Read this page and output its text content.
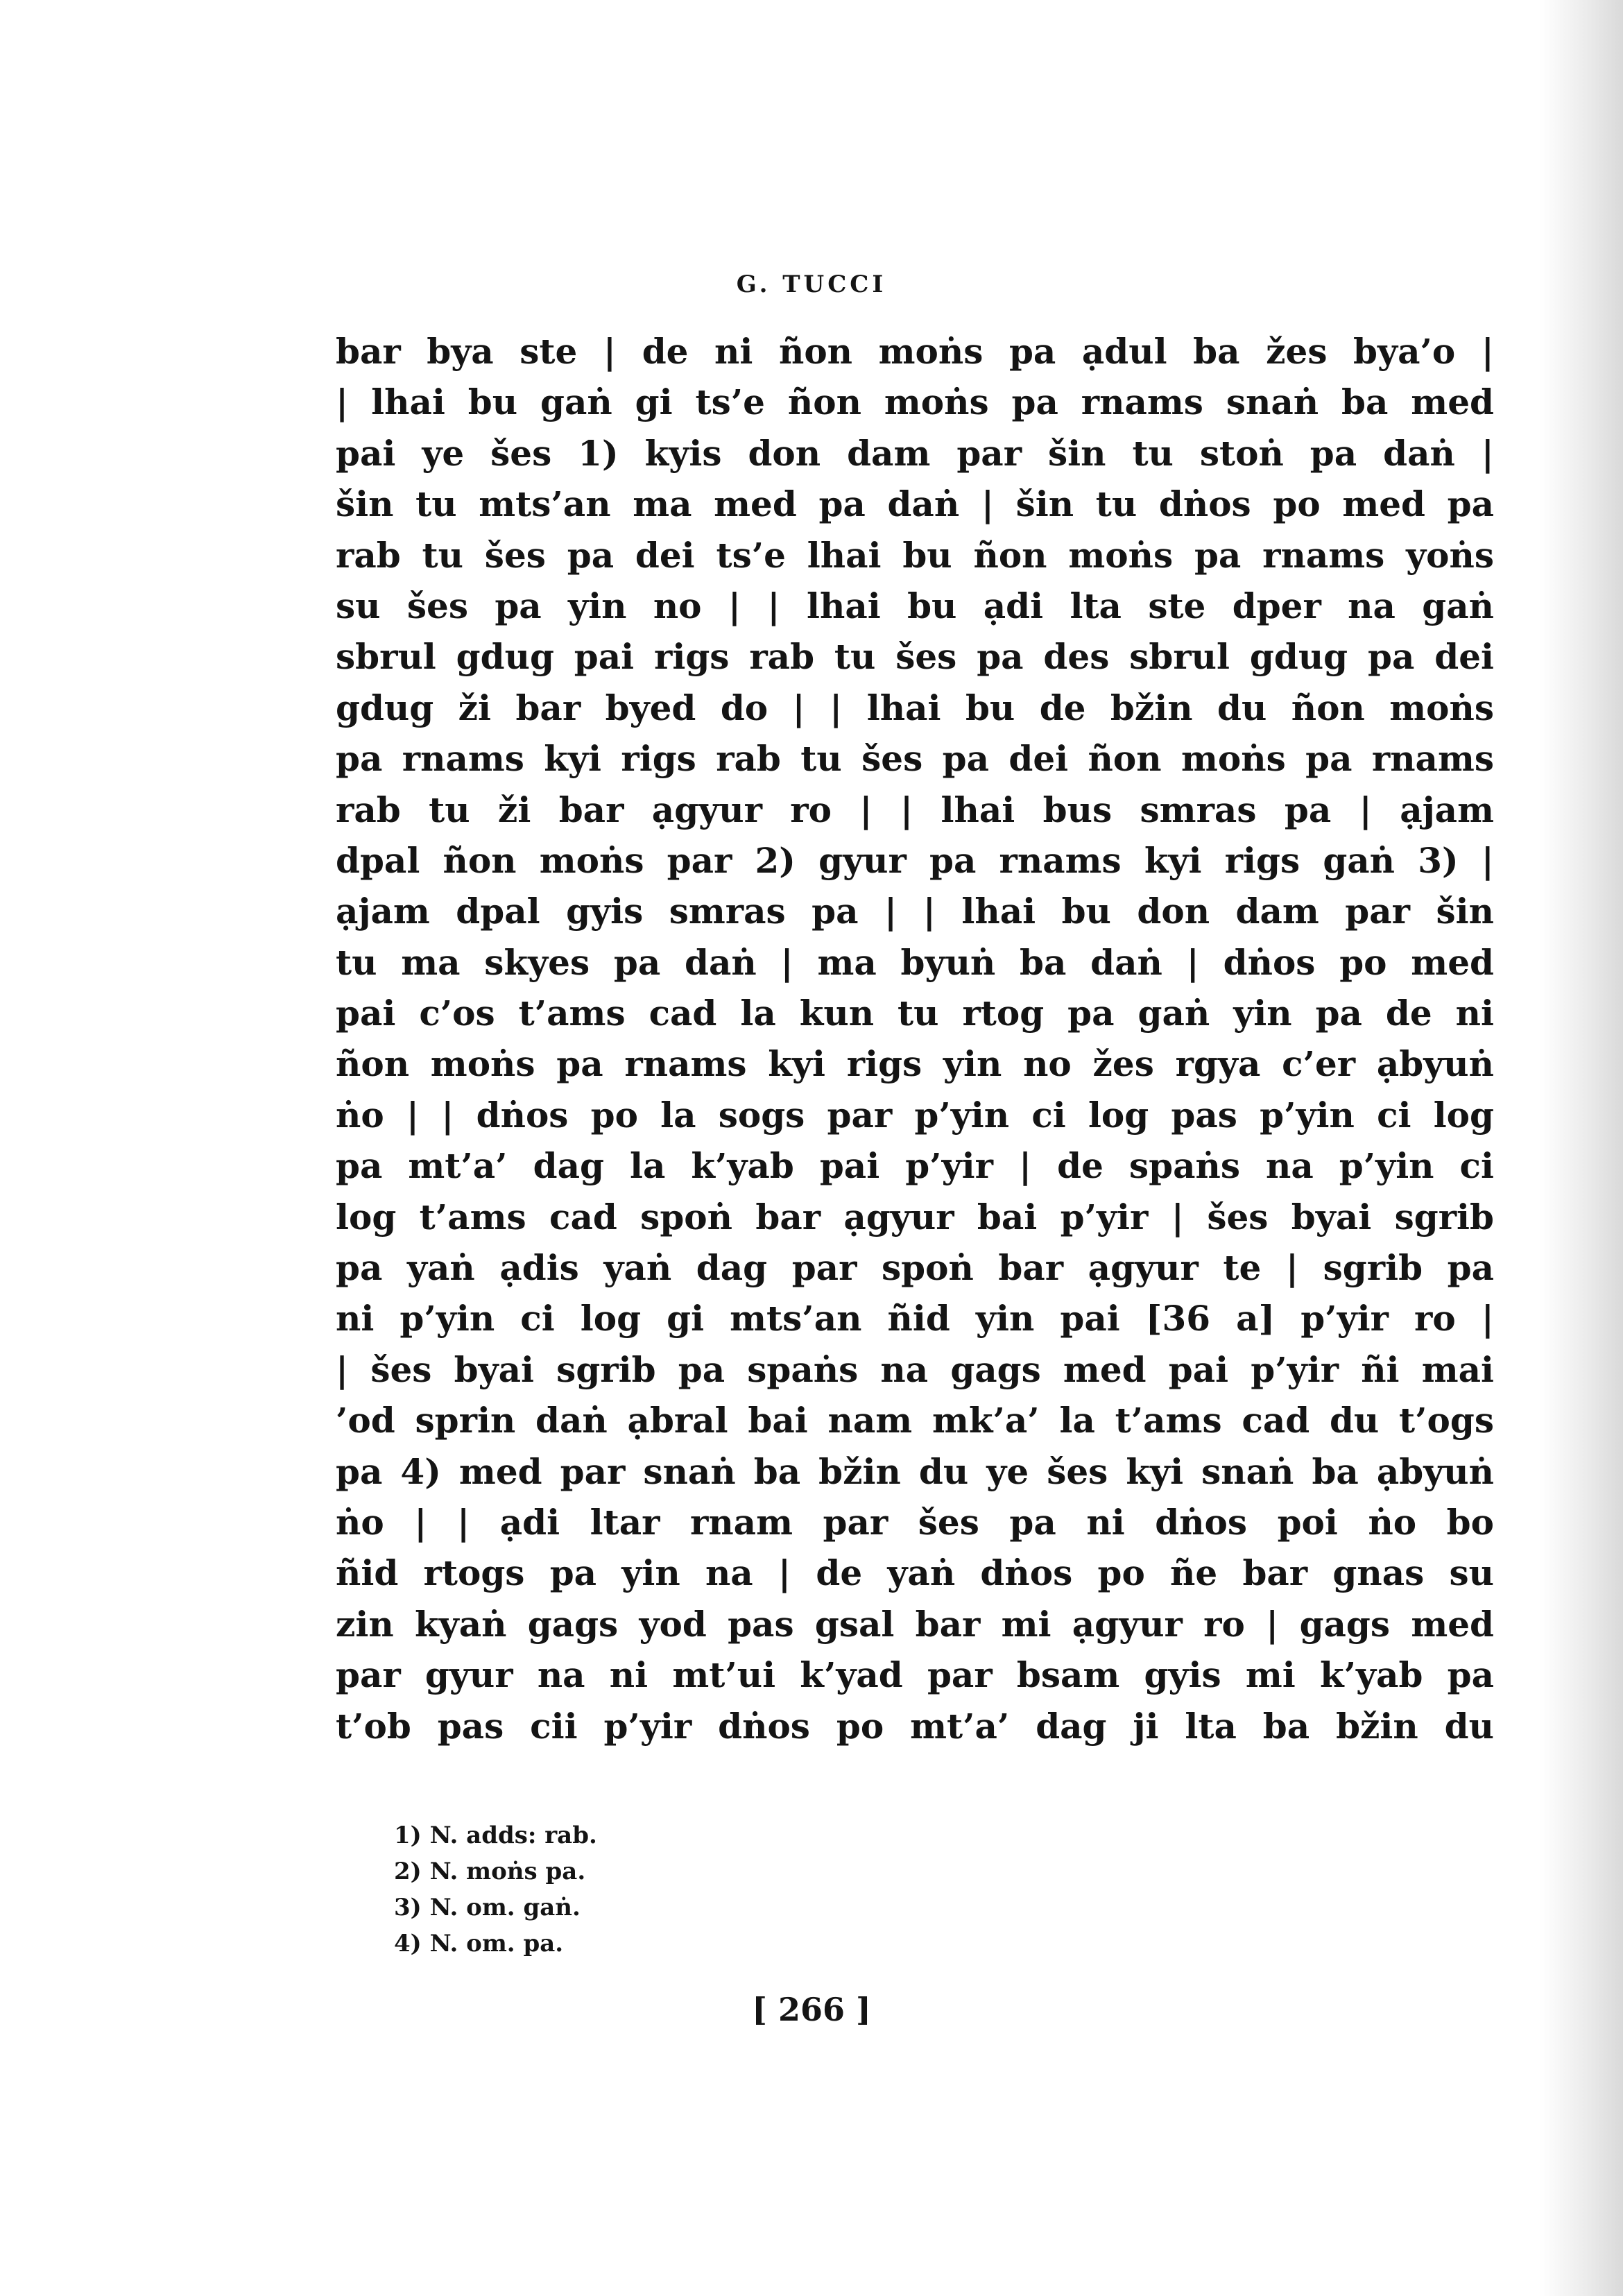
G. TUCCI
bar bya ste | de ni ñon moṅs pa ạdul ba žes bya’o |
| lhai bu gaṅ gi ts’e ñon moṅs pa rnams snaṅ ba med
pai ye šes 1) kyis don dam par šin tu stoṅ pa daṅ |
šin tu mts’an ma med pa daṅ | šin tu dṅos po med pa
rab tu šes pa dei ts’e lhai bu ñon moṅs pa rnams yoṅs
su šes pa yin no | | lhai bu ạdi lta ste dper na gaṅ
sbrul gdug pai rigs rab tu šes pa des sbrul gdug pa dei
gdug ži bar byed do | | lhai bu de bžin du ñon moṅs
pa rnams kyi rigs rab tu šes pa dei ñon moṅs pa rnams
rab tu ži bar ạgyur ro | | lhai bus smras pa | ạjam
dpal ñon moṅs par 2) gyur pa rnams kyi rigs gaṅ 3) |
ạjam dpal gyis smras pa | | lhai bu don dam par šin
tu ma skyes pa daṅ | ma byuṅ ba daṅ | dṅos po med
pai c’os t’ams cad la kun tu rtog pa gaṅ yin pa de ni
ñon moṅs pa rnams kyi rigs yin no žes rgya c’er ạbyuṅ
ṅo | | dṅos po la sogs par p’yin ci log pas p’yin ci log
pa mt’a’ dag la k’yab pai p’yir | de spaṅs na p’yin ci
log t’ams cad spoṅ bar ạgyur bai p’yir | šes byai sgrib
pa yaṅ ạdis yaṅ dag par spoṅ bar ạgyur te | sgrib pa
ni p’yin ci log gi mts’an ñid yin pai [36 a] p’yir ro |
| šes byai sgrib pa spaṅs na gags med pai p’yir ñi mai
’od sprin daṅ ạbral bai nam mk’a’ la t’ams cad du t’ogs
pa 4) med par snaṅ ba bžin du ye šes kyi snaṅ ba ạbyuṅ
ṅo | | ạdi ltar rnam par šes pa ni dṅos poi ṅo bo
ñid rtogs pa yin na | de yaṅ dṅos po ñe bar gnas su
zin kyaṅ gags yod pas gsal bar mi ạgyur ro | gags med
par gyur na ni mt’ui k’yad par bsam gyis mi k’yab pa
t’ob pas cii p’yir dṅos po mt’a’ dag ji lta ba bžin du
1) N. adds: rab.
2) N. moṅs pa.
3) N. om. gaṅ.
4) N. om. pa.
[ 266 ]
